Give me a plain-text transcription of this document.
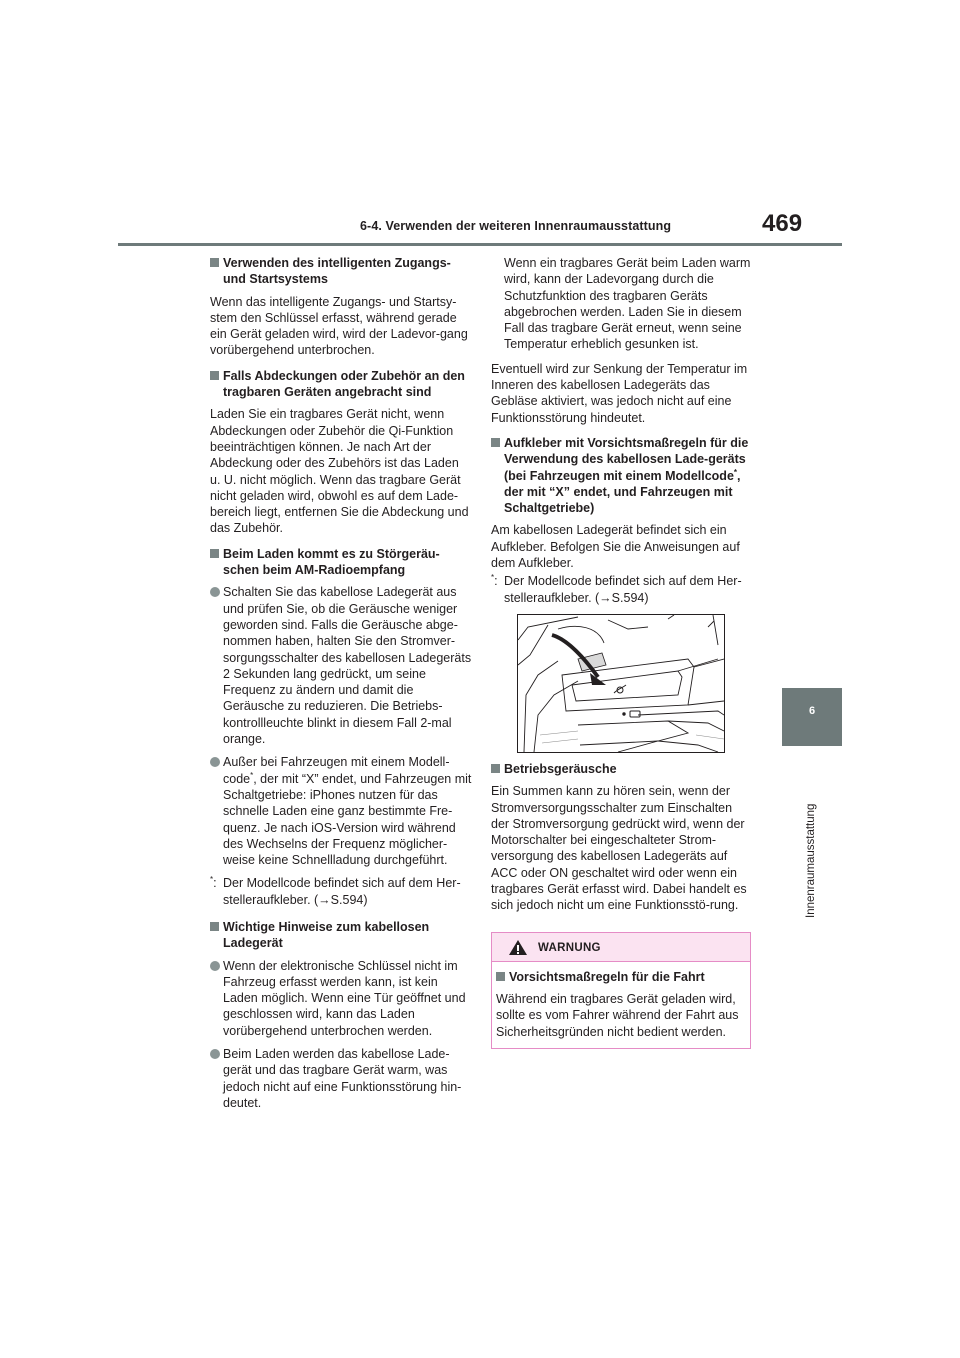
6-4. Verwenden der weiteren Innenraumausstattung	469
6
Innenraumausstattung
Verwenden des intelligenten Zugangs- und Startsystems
Wenn das intelligente Zugangs- und Startsy-stem den Schlüssel erfasst, während gerade ein Gerät geladen wird, wird der Ladevor-gang vorübergehend unterbrochen.
Falls Abdeckungen oder Zubehör an den tragbaren Geräten angebracht sind
Laden Sie ein tragbares Gerät nicht, wenn Abdeckungen oder Zubehör die Qi-Funktion beeinträchtigen können. Je nach Art der Abdeckung oder des Zubehörs ist das Laden u. U. nicht möglich. Wenn das tragbare Gerät nicht geladen wird, obwohl es auf dem Lade-bereich liegt, entfernen Sie die Abdeckung und das Zubehör.
Beim Laden kommt es zu Störgeräu-schen beim AM-Radioempfang
Schalten Sie das kabellose Ladegerät aus und prüfen Sie, ob die Geräusche weniger geworden sind. Falls die Geräusche abge-nommen haben, halten Sie den Stromver-sorgungsschalter des kabellosen Ladegeräts 2 Sekunden lang gedrückt, um seine Frequenz zu ändern und damit die Geräusche zu reduzieren. Die Betriebs-kontrollleuchte blinkt in diesem Fall 2-mal orange.
Außer bei Fahrzeugen mit einem Modell-code*, der mit “X” endet, und Fahrzeugen mit Schaltgetriebe: iPhones nutzen für das schnelle Laden eine ganz bestimmte Fre-quenz. Je nach iOS-Version wird während des Wechselns der Frequenz möglicher-weise keine Schnellladung durchgeführt.
*: Der Modellcode befindet sich auf dem Her-stelleraufkleber. (→S.594)
Wichtige Hinweise zum kabellosen Ladegerät
Wenn der elektronische Schlüssel nicht im Fahrzeug erfasst werden kann, ist kein Laden möglich. Wenn eine Tür geöffnet und geschlossen wird, kann das Laden vorübergehend unterbrochen werden.
Beim Laden werden das kabellose Lade-gerät und das tragbare Gerät warm, was jedoch nicht auf eine Funktionsstörung hin-deutet.
Wenn ein tragbares Gerät beim Laden warm wird, kann der Ladevorgang durch die Schutzfunktion des tragbaren Geräts abgebrochen werden. Laden Sie in diesem Fall das tragbare Gerät erneut, wenn seine Temperatur erheblich gesunken ist.
Eventuell wird zur Senkung der Temperatur im Inneren des kabellosen Ladegeräts das Gebläse aktiviert, was jedoch nicht auf eine Funktionsstörung hindeutet.
Aufkleber mit Vorsichtsmaßregeln für die Verwendung des kabellosen Lade-geräts (bei Fahrzeugen mit einem Modellcode*, der mit “X” endet, und Fahrzeugen mit Schaltgetriebe)
Am kabellosen Ladegerät befindet sich ein Aufkleber. Befolgen Sie die Anweisungen auf dem Aufkleber.
*: Der Modellcode befindet sich auf dem Her-stelleraufkleber. (→S.594)
Betriebsgeräusche
Ein Summen kann zu hören sein, wenn der Stromversorgungsschalter zum Einschalten der Stromversorgung gedrückt wird, wenn der Motorschalter bei eingeschalteter Strom-versorgung des kabellosen Ladegeräts auf ACC oder ON geschaltet wird oder wenn ein tragbares Gerät erfasst wird. Dabei handelt es sich jedoch nicht um eine Funktionsstö-rung.
WARNUNG
Vorsichtsmaßregeln für die Fahrt
Während ein tragbares Gerät geladen wird, sollte es vom Fahrer während der Fahrt aus Sicherheitsgründen nicht bedient werden.
